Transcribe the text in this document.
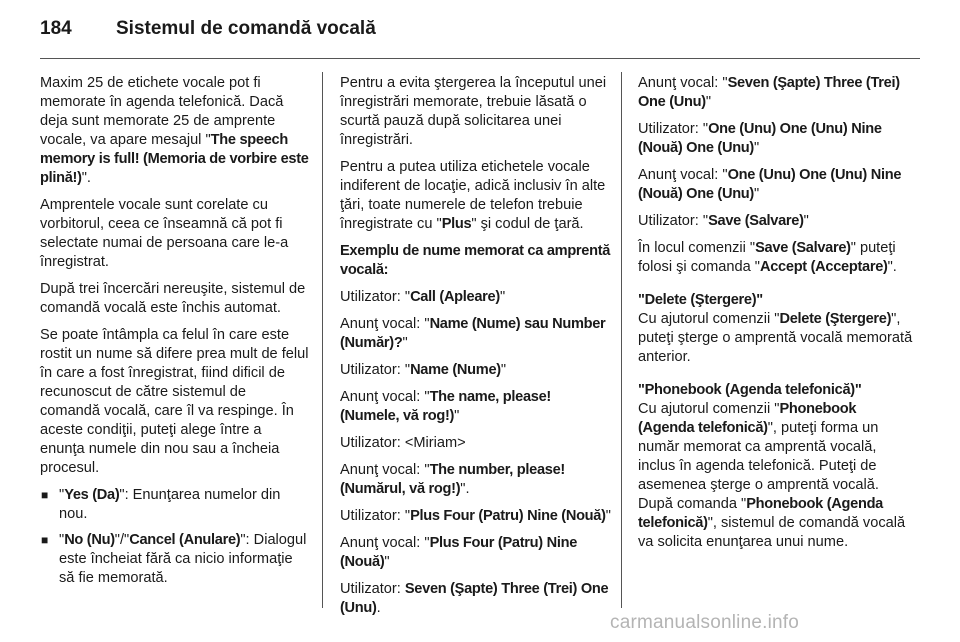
184 Sistemul de comandă vocală

Maxim 25 de etichete vocale pot fi memorate în agenda telefonică. Dacă deja sunt memorate 25 de amprente vocale, va apare mesajul "The speech memory is full! (Memoria de vorbire este plină!)".

Amprentele vocale sunt corelate cu vorbitorul, ceea ce înseamnă că pot fi selectate numai de persoana care le-a înregistrat.

După trei încercări nereuşite, sistemul de comandă vocală este închis automat.

Se poate întâmpla ca felul în care este rostit un nume să difere prea mult de felul în care a fost înregistrat, fiind dificil de recunoscut de către sistemul de comandă vocală, care îl va respinge. În aceste condiţii, puteţi alege între a enunţa numele din nou sau a încheia procesul.

■ "Yes (Da)": Enunţarea numelor din nou.
■ "No (Nu)"/"Cancel (Anulare)": Dialogul este încheiat fără ca nicio informaţie să fie memorată.

Pentru a evita ştergerea la începutul unei înregistrări memorate, trebuie lăsată o scurtă pauză după solicitarea unei înregistrări.

Pentru a putea utiliza etichetele vocale indiferent de locaţie, adică inclusiv în alte ţări, toate numerele de telefon trebuie înregistrate cu "Plus" şi codul de ţară.

Exemplu de nume memorat ca amprentă vocală:

Utilizator: "Call (Apleare)"

Anunţ vocal: "Name (Nume) sau Number (Număr)?"

Utilizator: "Name (Nume)"

Anunţ vocal: "The name, please! (Numele, vă rog!)"

Utilizator: <Miriam>

Anunţ vocal: "The number, please! (Numărul, vă rog!)".

Utilizator: "Plus Four (Patru) Nine (Nouă)"

Anunţ vocal: "Plus Four (Patru) Nine (Nouă)"

Utilizator: Seven (Şapte) Three (Trei) One (Unu).

Anunţ vocal: "Seven (Şapte) Three (Trei) One (Unu)"

Utilizator: "One (Unu) One (Unu) Nine (Nouă) One (Unu)"

Anunţ vocal: "One (Unu) One (Unu) Nine (Nouă) One (Unu)"

Utilizator: "Save (Salvare)"

În locul comenzii "Save (Salvare)" puteţi folosi şi comanda "Accept (Acceptare)".

"Delete (Ştergere)"

Cu ajutorul comenzii "Delete (Ştergere)", puteţi şterge o amprentă vocală memorată anterior.

"Phonebook (Agenda telefonică)"

Cu ajutorul comenzii "Phonebook (Agenda telefonică)", puteţi forma un număr memorat ca amprentă vocală, inclus în agenda telefonică. Puteţi de asemenea şterge o amprentă vocală. După comanda "Phonebook (Agenda telefonică)", sistemul de comandă vocală va solicita enunţarea unui nume.

carmanualsonline.info
